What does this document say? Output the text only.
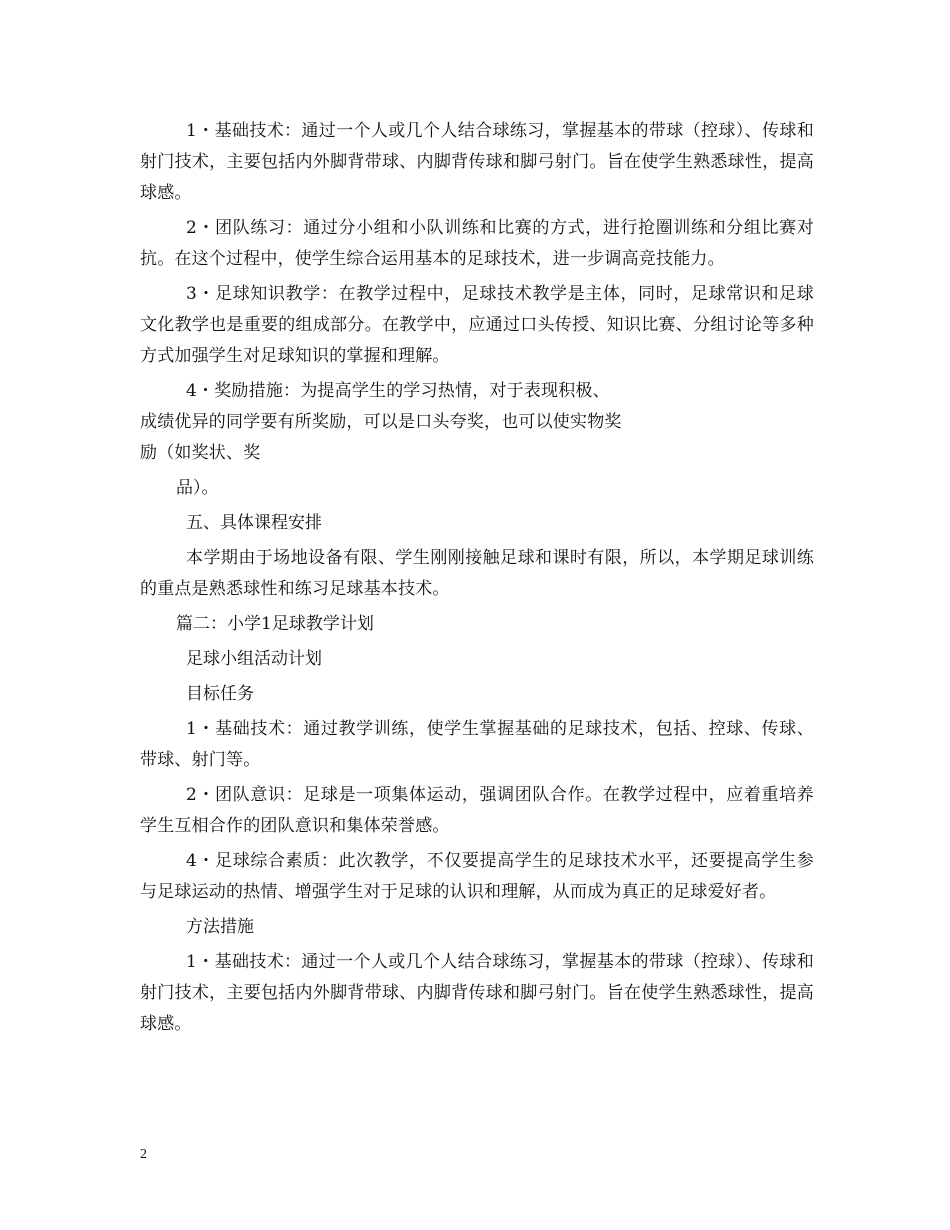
1・基础技术：通过一个人或几个人结合球练习，掌握基本的带球（控球）、传球和射门技术，主要包括内外脚背带球、内脚背传球和脚弓射门。旨在使学生熟悉球性，提高球感。

2・团队练习：通过分小组和小队训练和比赛的方式，进行抢圈训练和分组比赛对抗。在这个过程中，使学生综合运用基本的足球技术，进一步调高竞技能力。

3・足球知识教学：在教学过程中，足球技术教学是主体，同时，足球常识和足球文化教学也是重要的组成部分。在教学中，应通过口头传授、知识比赛、分组讨论等多种方式加强学生对足球知识的掌握和理解。

4・奖励措施：为提高学生的学习热情，对于表现积极、成绩优异的同学要有所奖励，可以是口头夸奖，也可以使实物奖励（如奖状、奖

品）。

五、具体课程安排

本学期由于场地设备有限、学生刚刚接触足球和课时有限，所以，本学期足球训练的重点是熟悉球性和练习足球基本技术。

篇二：小学1足球教学计划

足球小组活动计划

目标任务

1・基础技术：通过教学训练，使学生掌握基础的足球技术，包括、控球、传球、带球、射门等。

2・团队意识：足球是一项集体运动，强调团队合作。在教学过程中，应着重培养学生互相合作的团队意识和集体荣誉感。

4・足球综合素质：此次教学，不仅要提高学生的足球技术水平，还要提高学生参与足球运动的热情、增强学生对于足球的认识和理解，从而成为真正的足球爱好者。

方法措施

1・基础技术：通过一个人或几个人结合球练习，掌握基本的带球（控球）、传球和射门技术，主要包括内外脚背带球、内脚背传球和脚弓射门。旨在使学生熟悉球性，提高球感。

2
